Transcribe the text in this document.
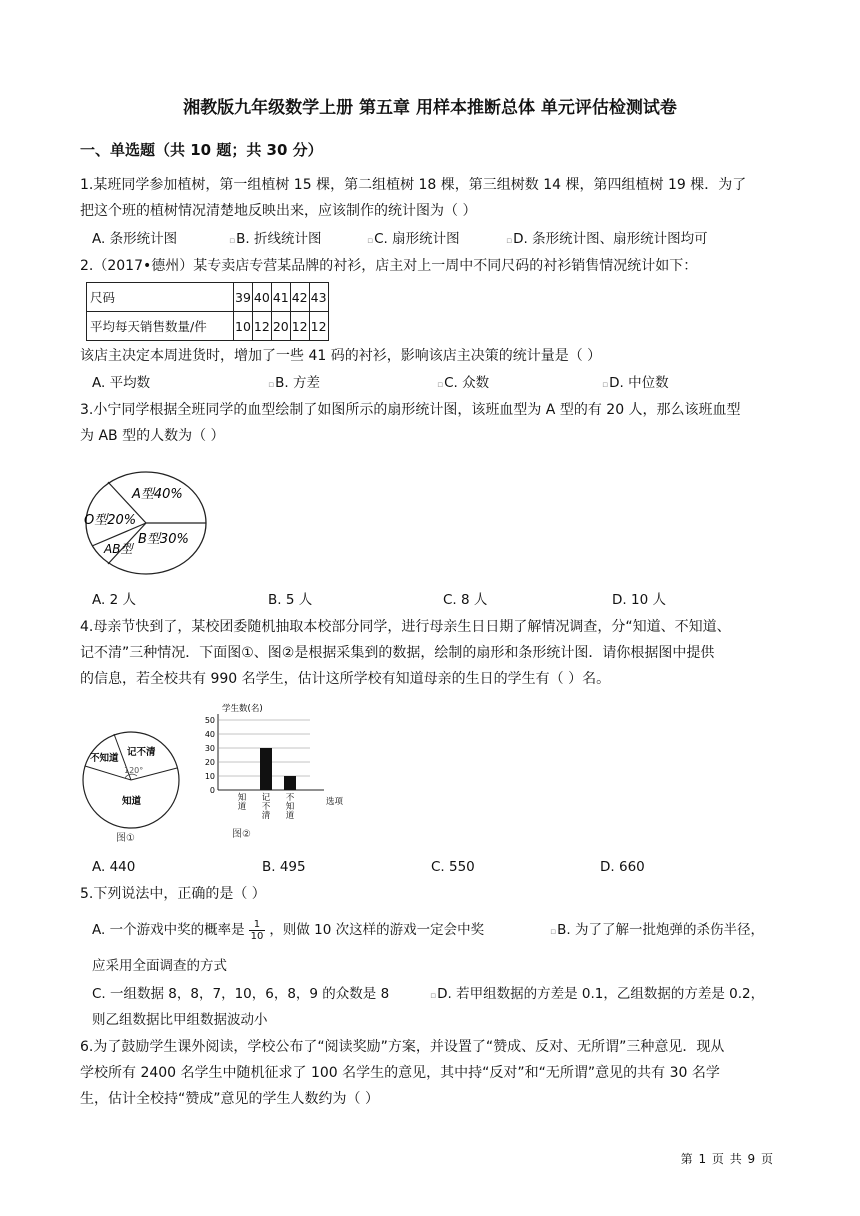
湘教版九年级数学上册 第五章 用样本推断总体 单元评估检测试卷
一、单选题（共 10 题；共 30 分）
1.某班同学参加植树，第一组植树 15 棵，第二组植树 18 棵，第三组树数 14 棵，第四组植树 19 棵．为了
把这个班的植树情况清楚地反映出来，应该制作的统计图为（ ）
A. 条形统计图	▫B. 折线统计图	▫C. 扇形统计图	▫D. 条形统计图、扇形统计图均可
2.（2017•德州）某专卖店专营某品牌的衬衫，店主对上一周中不同尺码的衬衫销售情况统计如下：
尺码	39	40	41	42	43
平均每天销售数量/件	10	12	20	12	12
该店主决定本周进货时，增加了一些 41 码的衬衫，影响该店主决策的统计量是（ ）
A. 平均数	▫B. 方差	▫C. 众数	▫D. 中位数
3.小宁同学根据全班同学的血型绘制了如图所示的扇形统计图，该班血型为 A 型的有 20 人，那么该班血型
为 AB 型的人数为（ ）
A型40%
O型20%
B型30%
AB型
A. 2 人	B. 5 人	C. 8 人	D. 10 人
4.母亲节快到了，某校团委随机抽取本校部分同学，进行母亲生日日期了解情况调查，分“知道、不知道、
记不清”三种情况．下面图①、图②是根据采集到的数据，绘制的扇形和条形统计图．请你根据图中提供
的信息，若全校共有 990 名学生，估计这所学校有知道母亲的生日的学生有（ ）名。
不知道
记不清
120°
知道
图①
0
10
20
30
40
50
知道
记不清
不知道
学生数(名)
选项
图②
A. 440	B. 495	C. 550	D. 660
5.下列说法中，正确的是（ ）
A. 一个游戏中奖的概率是 $\frac{1}{10}$ ，则做 10 次这样的游戏一定会中奖	▫B. 为了了解一批炮弹的杀伤半径，
应采用全面调查的方式
C. 一组数据 8，8，7，10，6，8，9 的众数是 8	▫D. 若甲组数据的方差是 0.1，乙组数据的方差是 0.2，
则乙组数据比甲组数据波动小
6.为了鼓励学生课外阅读，学校公布了“阅读奖励”方案，并设置了“赞成、反对、无所谓”三种意见．现从
学校所有 2400 名学生中随机征求了 100 名学生的意见，其中持“反对”和“无所谓”意见的共有 30 名学
生，估计全校持“赞成”意见的学生人数约为（ ）
第 1 页 共 9 页
